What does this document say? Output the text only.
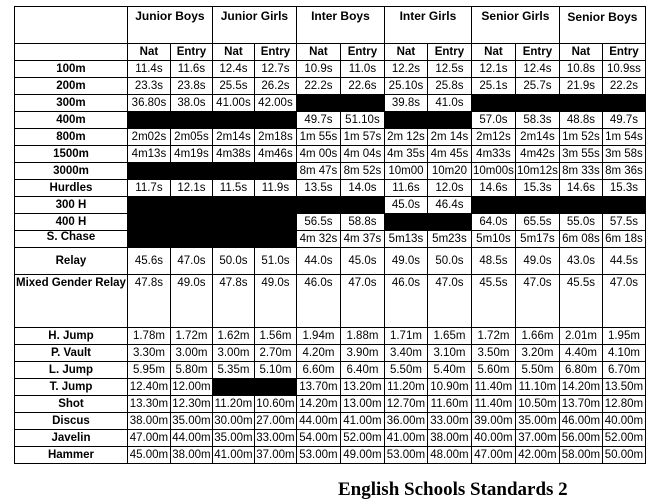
	Junior Boys		Junior Girls		Inter Boys		Inter Girls		Senior Girls		Senior Boys	
	Nat	Entry	Nat	Entry	Nat	Entry	Nat	Entry	Nat	Entry	Nat	Entry
100m	11.4s	11.6s	12.4s	12.7s	10.9s	11.0s	12.2s	12.5s	12.1s	12.4s	10.8s	10.9ss
200m	23.3s	23.8s	25.5s	26.2s	22.2s	22.6s	25.10s	25.8s	25.1s	25.7s	21.9s	22.2s
300m	36.80s	38.0s	41.00s	42.00s			39.8s	41.0s				
400m					49.7s	51.10s			57.0s	58.3s	48.8s	49.7s
800m	2m02s	2m05s	2m14s	2m18s	1m 55s	1m 57s	2m 12s	2m 14s	2m12s	2m14s	1m 52s	1m 54s
1500m	4m13s	4m19s	4m38s	4m46s	4m 00s	4m 04s	4m 35s	4m 45s	4m33s	4m42s	3m 55s	3m 58s
3000m					8m 47s	8m 52s	10m00	10m20	10m00s	10m12s	8m 33s	8m 36s
Hurdles	11.7s	12.1s	11.5s	11.9s	13.5s	14.0s	11.6s	12.0s	14.6s	15.3s	14.6s	15.3s
300 H							45.0s	46.4s				
400 H					56.5s	58.8s			64.0s	65.5s	55.0s	57.5s
S. Chase					4m 32s	4m 37s	5m13s	5m23s	5m10s	5m17s	6m 08s	6m 18s
Relay	45.6s	47.0s	50.0s	51.0s	44.0s	45.0s	49.0s	50.0s	48.5s	49.0s	43.0s	44.5s
Mixed Gender Relay	47.8s	49.0s	47.8s	49.0s	46.0s	47.0s	46.0s	47.0s	45.5s	47.0s	45.5s	47.0s
H. Jump	1.78m	1.72m	1.62m	1.56m	1.94m	1.88m	1.71m	1.65m	1.72m	1.66m	2.01m	1.95m
P. Vault	3.30m	3.00m	3.00m	2.70m	4.20m	3.90m	3.40m	3.10m	3.50m	3.20m	4.40m	4.10m
L. Jump	5.95m	5.80m	5.35m	5.10m	6.60m	6.40m	5.50m	5.40m	5.60m	5.50m	6.80m	6.70m
T. Jump	12.40m	12.00m			13.70m	13.20m	11.20m	10.90m	11.40m	11.10m	14.20m	13.50m
Shot	13.30m	12.30m	11.20m	10.60m	14.20m	13.00m	12.70m	11.60m	11.40m	10.50m	13.70m	12.80m
Discus	38.00m	35.00m	30.00m	27.00m	44.00m	41.00m	36.00m	33.00m	39.00m	35.00m	46.00m	40.00m
Javelin	47.00m	44.00m	35.00m	33.00m	54.00m	52.00m	41.00m	38.00m	40.00m	37.00m	56.00m	52.00m
Hammer	45.00m	38.00m	41.00m	37.00m	53.00m	49.00m	53.00m	48.00m	47.00m	42.00m	58.00m	50.00m
English Schools Standards 2
